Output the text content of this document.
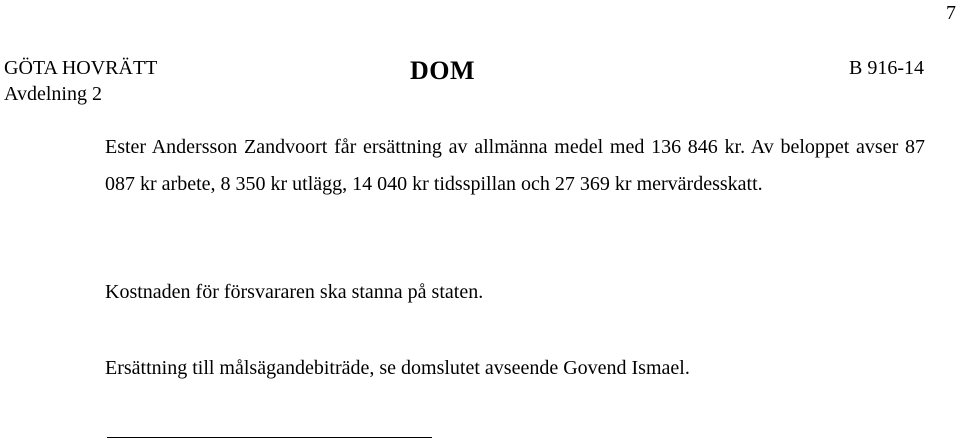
7
GÖTA HOVRÄTT
Avdelning 2
DOM	B 916-14
Ester Andersson Zandvoort får ersättning av allmänna medel med 136 846 kr. Av beloppet avser 87 087 kr arbete, 8 350 kr utlägg, 14 040 kr tidsspillan och 27 369 kr mervärdesskatt.
Kostnaden för försvararen ska stanna på staten.
Ersättning till målsägandebiträde, se domslutet avseende Govend Ismael.
